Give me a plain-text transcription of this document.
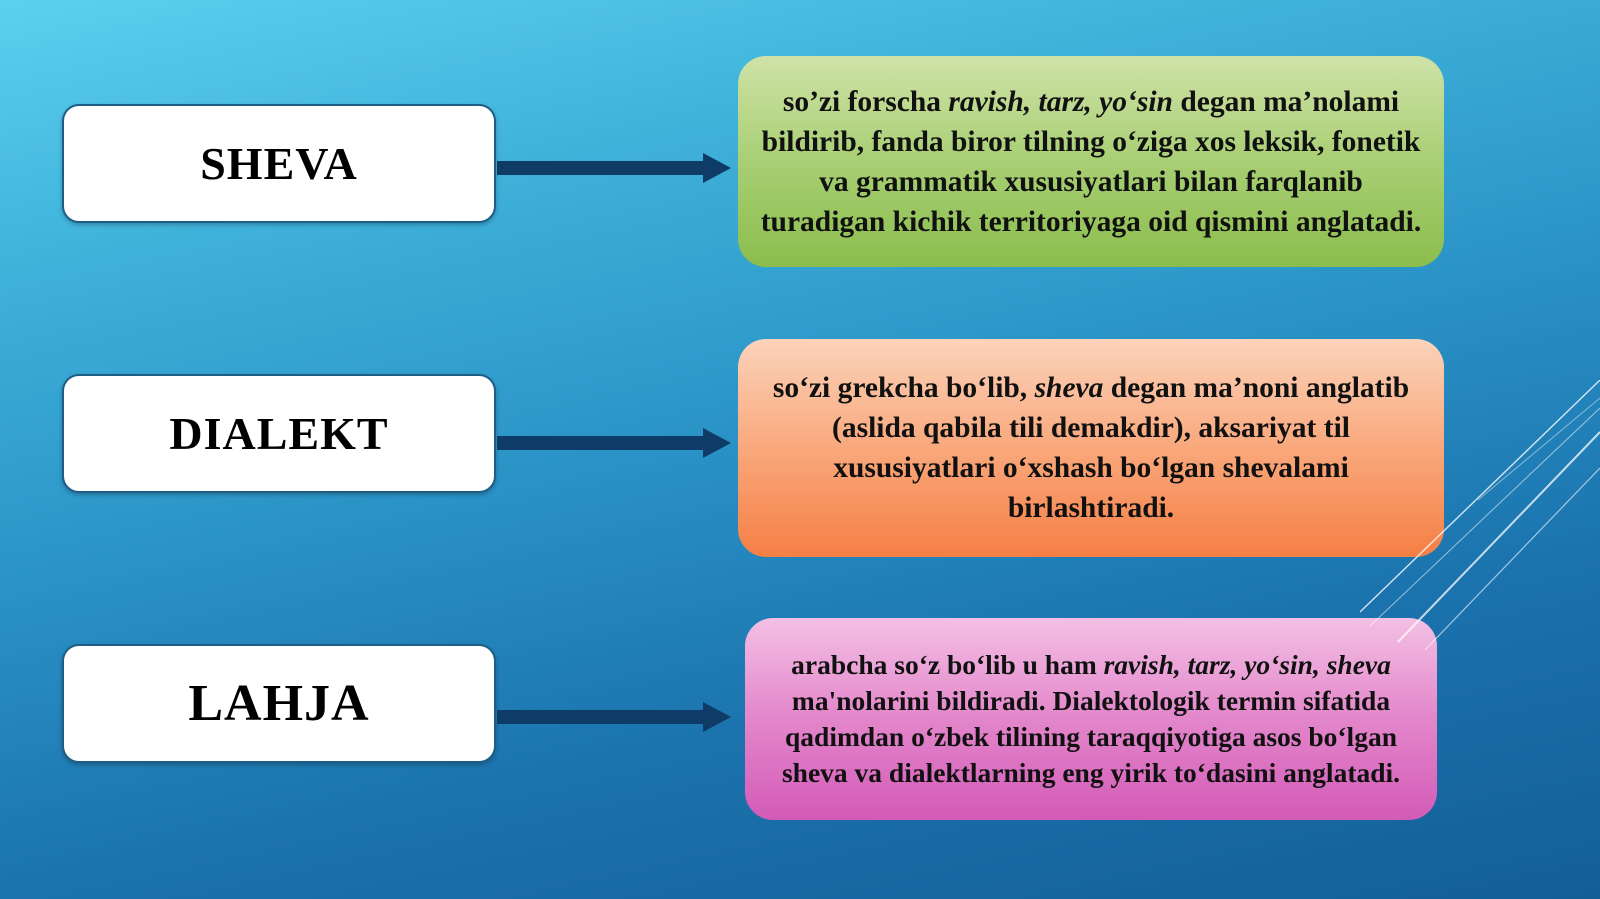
SHEVA

so’zi forscha ravish, tarz, yo‘sin degan ma’nolami bildirib, fanda biror tilning o‘ziga xos leksik, fonetik va grammatik xususiyatlari bilan farqlanib turadigan kichik territoriyaga oid qismini anglatadi.

DIALEKT

so‘zi grekcha bo‘lib, sheva degan ma’noni anglatib (aslida qabila tili demakdir), aksariyat til xususiyatlari o‘xshash bo‘lgan shevalami birlashtiradi.

LAHJA

arabcha so‘z bo‘lib u ham ravish, tarz, yo‘sin, sheva ma'nolarini bildiradi. Dialektologik termin sifatida qadimdan o‘zbek tilining taraqqiyotiga asos bo‘lgan sheva va dialektlarning eng yirik to‘dasini anglatadi.
